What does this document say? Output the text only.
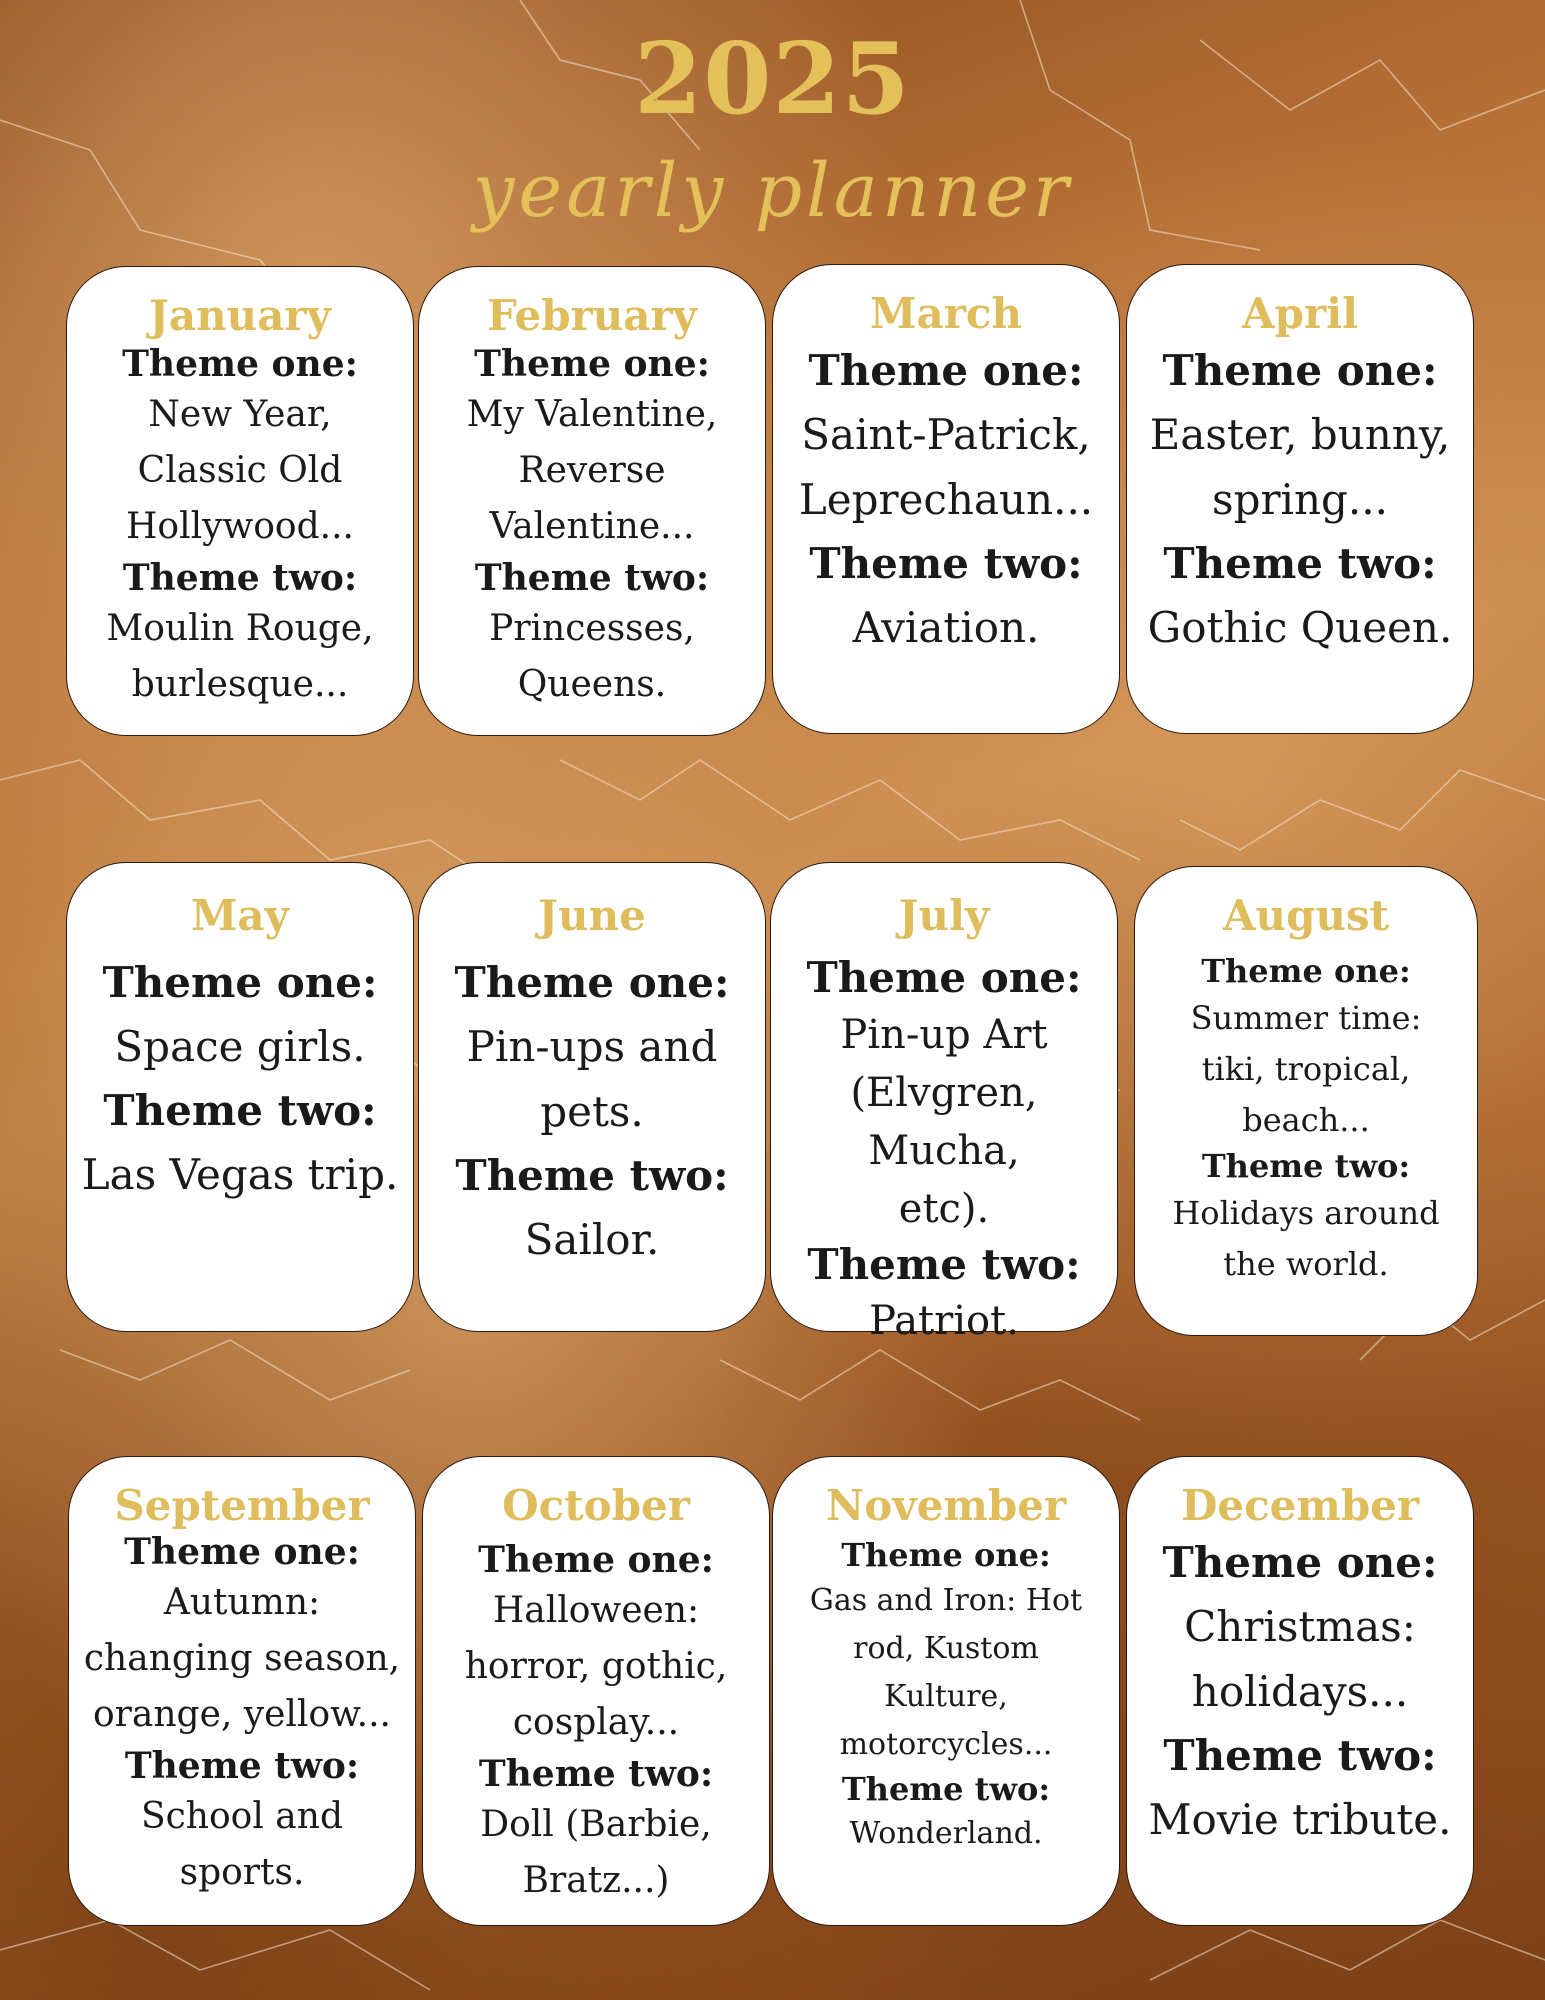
2025
yearly planner
January
Theme one:
New Year,
Classic Old
Hollywood...
Theme two:
Moulin Rouge,
burlesque...
February
Theme one:
My Valentine,
Reverse
Valentine...
Theme two:
Princesses,
Queens.
March
Theme one:
Saint-Patrick,
Leprechaun...
Theme two:
Aviation.
April
Theme one:
Easter, bunny,
spring...
Theme two:
Gothic Queen.
May
Theme one:
Space girls.
Theme two:
Las Vegas trip.
June
Theme one:
Pin-ups and pets.
Theme two:
Sailor.
July
Theme one:
Pin-up Art
(Elvgren, Mucha,
etc).
Theme two:
Patriot.
August
Theme one:
Summer time:
tiki, tropical,
beach...
Theme two:
Holidays around
the world.
September
Theme one:
Autumn:
changing season,
orange, yellow...
Theme two:
School and
sports.
October
Theme one:
Halloween:
horror, gothic,
cosplay...
Theme two:
Doll (Barbie,
Bratz...)
November
Theme one:
Gas and Iron: Hot
rod, Kustom Kulture,
motorcycles...
Theme two:
Wonderland.
December
Theme one:
Christmas:
holidays...
Theme two:
Movie tribute.
